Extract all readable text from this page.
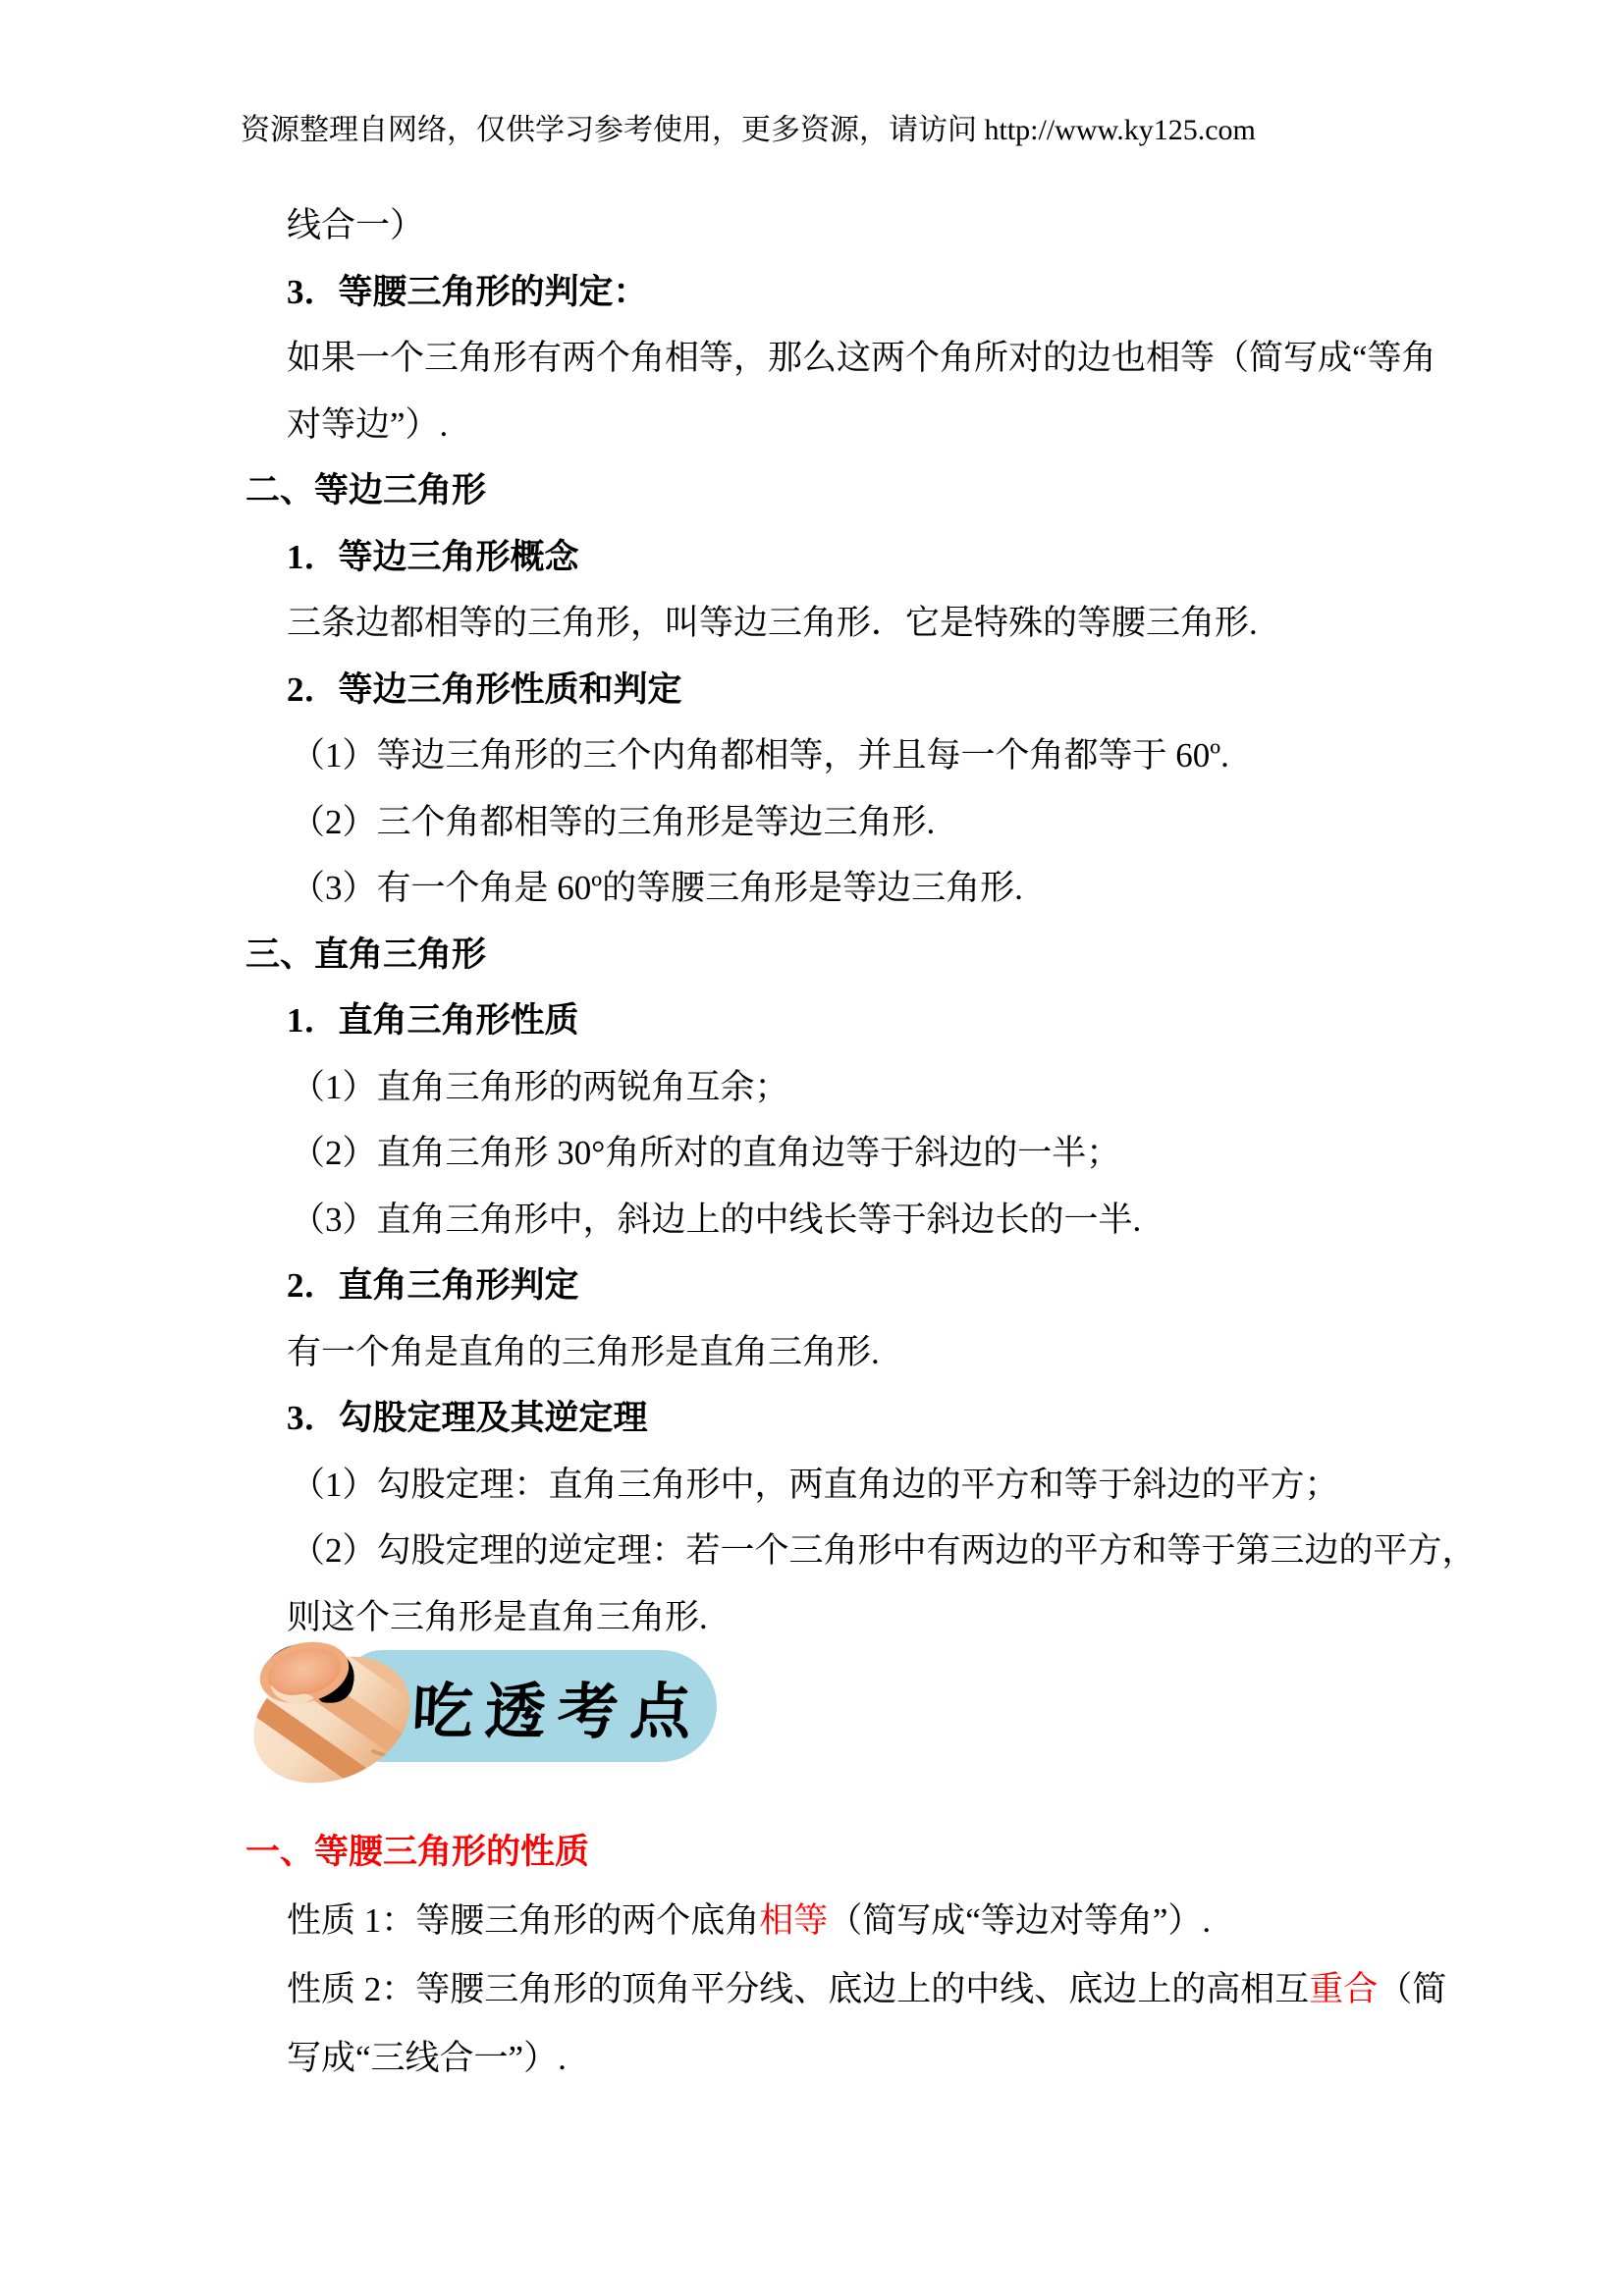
资源整理自网络，仅供学习参考使用，更多资源，请访问 http://www.ky125.com

线合一）

3．等腰三角形的判定：

如果一个三角形有两个角相等，那么这两个角所对的边也相等（简写成“等角

对等边”）.

二、等边三角形

1．等边三角形概念

三条边都相等的三角形，叫等边三角形．它是特殊的等腰三角形.

2．等边三角形性质和判定

（1）等边三角形的三个内角都相等，并且每一个角都等于 60º.

（2）三个角都相等的三角形是等边三角形.

（3）有一个角是 60º的等腰三角形是等边三角形.

三、直角三角形

1．直角三角形性质

（1）直角三角形的两锐角互余；

（2）直角三角形 30°角所对的直角边等于斜边的一半；

（3）直角三角形中，斜边上的中线长等于斜边长的一半.

2．直角三角形判定

有一个角是直角的三角形是直角三角形.

3．勾股定理及其逆定理

（1）勾股定理：直角三角形中，两直角边的平方和等于斜边的平方；

（2）勾股定理的逆定理：若一个三角形中有两边的平方和等于第三边的平方，

则这个三角形是直角三角形.

吃透考点

一、等腰三角形的性质

性质 1：等腰三角形的两个底角相等（简写成“等边对等角”）.

性质 2：等腰三角形的顶角平分线、底边上的中线、底边上的高相互重合（简

写成“三线合一”）.
